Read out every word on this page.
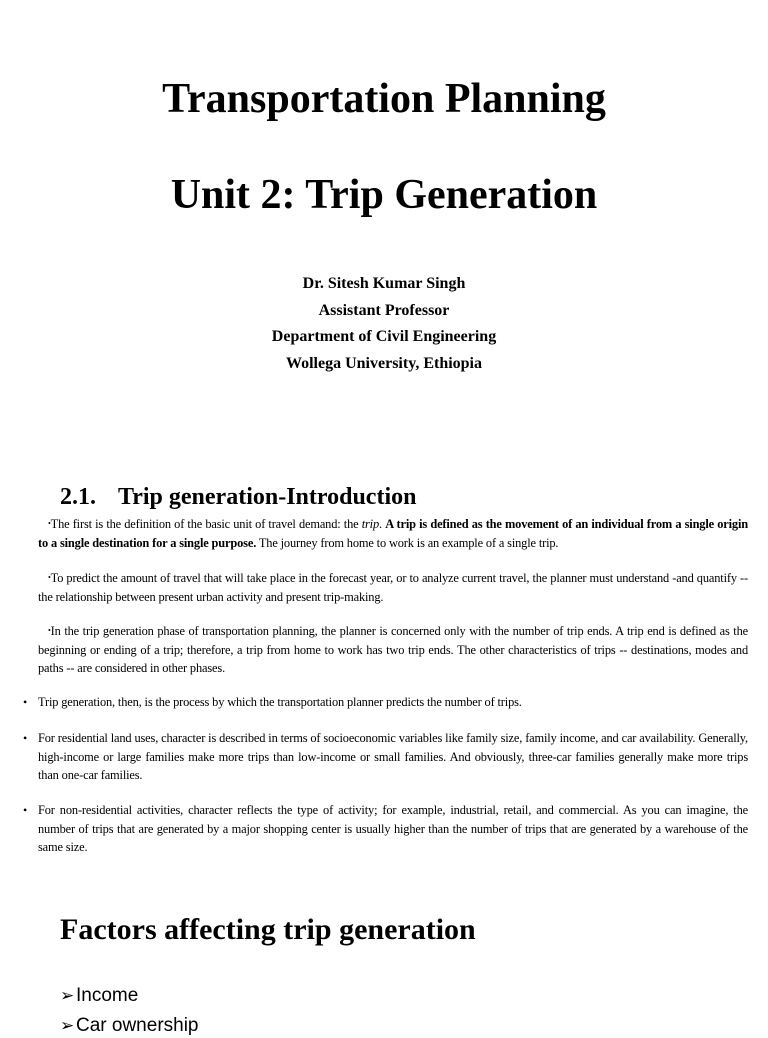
Transportation Planning
Unit 2: Trip Generation
Dr. Sitesh Kumar Singh
Assistant Professor
Department of Civil Engineering
Wollega University, Ethiopia
2.1. Trip generation-Introduction
•The first is the definition of the basic unit of travel demand: the trip. A trip is defined as the movement of an individual from a single origin to a single destination for a single purpose. The journey from home to work is an example of a single trip.
•To predict the amount of travel that will take place in the forecast year, or to analyze current travel, the planner must understand -and quantify -- the relationship between present urban activity and present trip-making.
•In the trip generation phase of transportation planning, the planner is concerned only with the number of trip ends. A trip end is defined as the beginning or ending of a trip; therefore, a trip from home to work has two trip ends. The other characteristics of trips -- destinations, modes and paths -- are considered in other phases.
• Trip generation, then, is the process by which the transportation planner predicts the number of trips.
• For residential land uses, character is described in terms of socioeconomic variables like family size, family income, and car availability. Generally, high-income or large families make more trips than low-income or small families. And obviously, three-car families generally make more trips than one-car families.
• For non-residential activities, character reflects the type of activity; for example, industrial, retail, and commercial. As you can imagine, the number of trips that are generated by a major shopping center is usually higher than the number of trips that are generated by a warehouse of the same size.
Factors affecting trip generation
➢Income
➢Car ownership
